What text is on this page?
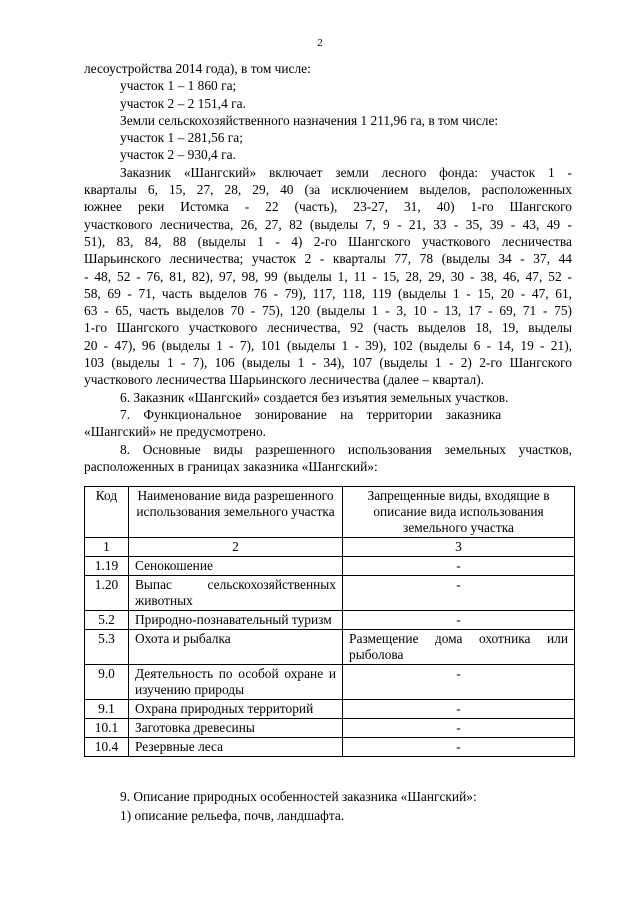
2

лесоустройства 2014 года), в том числе:

участок 1 – 1 860 га;

участок 2 – 2 151,4 га.

Земли сельскохозяйственного назначения 1 211,96 га, в том числе:

участок 1 – 281,56 га;

участок 2 – 930,4 га.

Заказник «Шангский» включает земли лесного фонда: участок 1 -
кварталы 6, 15, 27, 28, 29, 40 (за исключением выделов, расположенных
южнее реки Истомка - 22 (часть), 23-27, 31, 40) 1-го Шангского
участкового лесничества, 26, 27, 82 (выделы 7, 9 - 21, 33 - 35, 39 - 43, 49 -
51), 83, 84, 88 (выделы 1 - 4) 2-го Шангского участкового лесничества
Шарьинского лесничества; участок 2 - кварталы 77, 78 (выделы 34 - 37, 44
- 48, 52 - 76, 81, 82), 97, 98, 99 (выделы 1, 11 - 15, 28, 29, 30 - 38, 46, 47, 52 -
58, 69 - 71, часть выделов 76 - 79), 117, 118, 119 (выделы 1 - 15, 20 - 47, 61,
63 - 65, часть выделов 70 - 75), 120 (выделы 1 - 3, 10 - 13, 17 - 69, 71 - 75)
1-го Шангского участкового лесничества, 92 (часть выделов 18, 19, выделы
20 - 47), 96 (выделы 1 - 7), 101 (выделы 1 - 39), 102 (выделы 6 - 14, 19 - 21),
103 (выделы 1 - 7), 106 (выделы 1 - 34), 107 (выделы 1 - 2) 2-го Шангского
участкового лесничества Шарьинского лесничества (далее – квартал).

6. Заказник «Шангский» создается без изъятия земельных участков.

7.    Функциональное    зонирование    на    территории    заказника
«Шангский» не предусмотрено.
8. Основные виды разрешенного использования земельных участков,
расположенных в границах заказника «Шангский»:
Код	Наименование вида разрешенного использования земельного участка	Запрещенные виды, входящие в описание вида использования земельного участка
1	2	3
1.19	Сенокошение	-
1.20	Выпас сельскохозяйственных животных	-
5.2	Природно-познавательный туризм	-
5.3	Охота и рыбалка	Размещение дома охотника или рыболова
9.0	Деятельность по особой охране и изучению природы	-
9.1	Охрана природных территорий	-
10.1	Заготовка древесины	-
10.4	Резервные леса	-

9. Описание природных особенностей заказника «Шангский»:

1) описание рельефа, почв, ландшафта.
